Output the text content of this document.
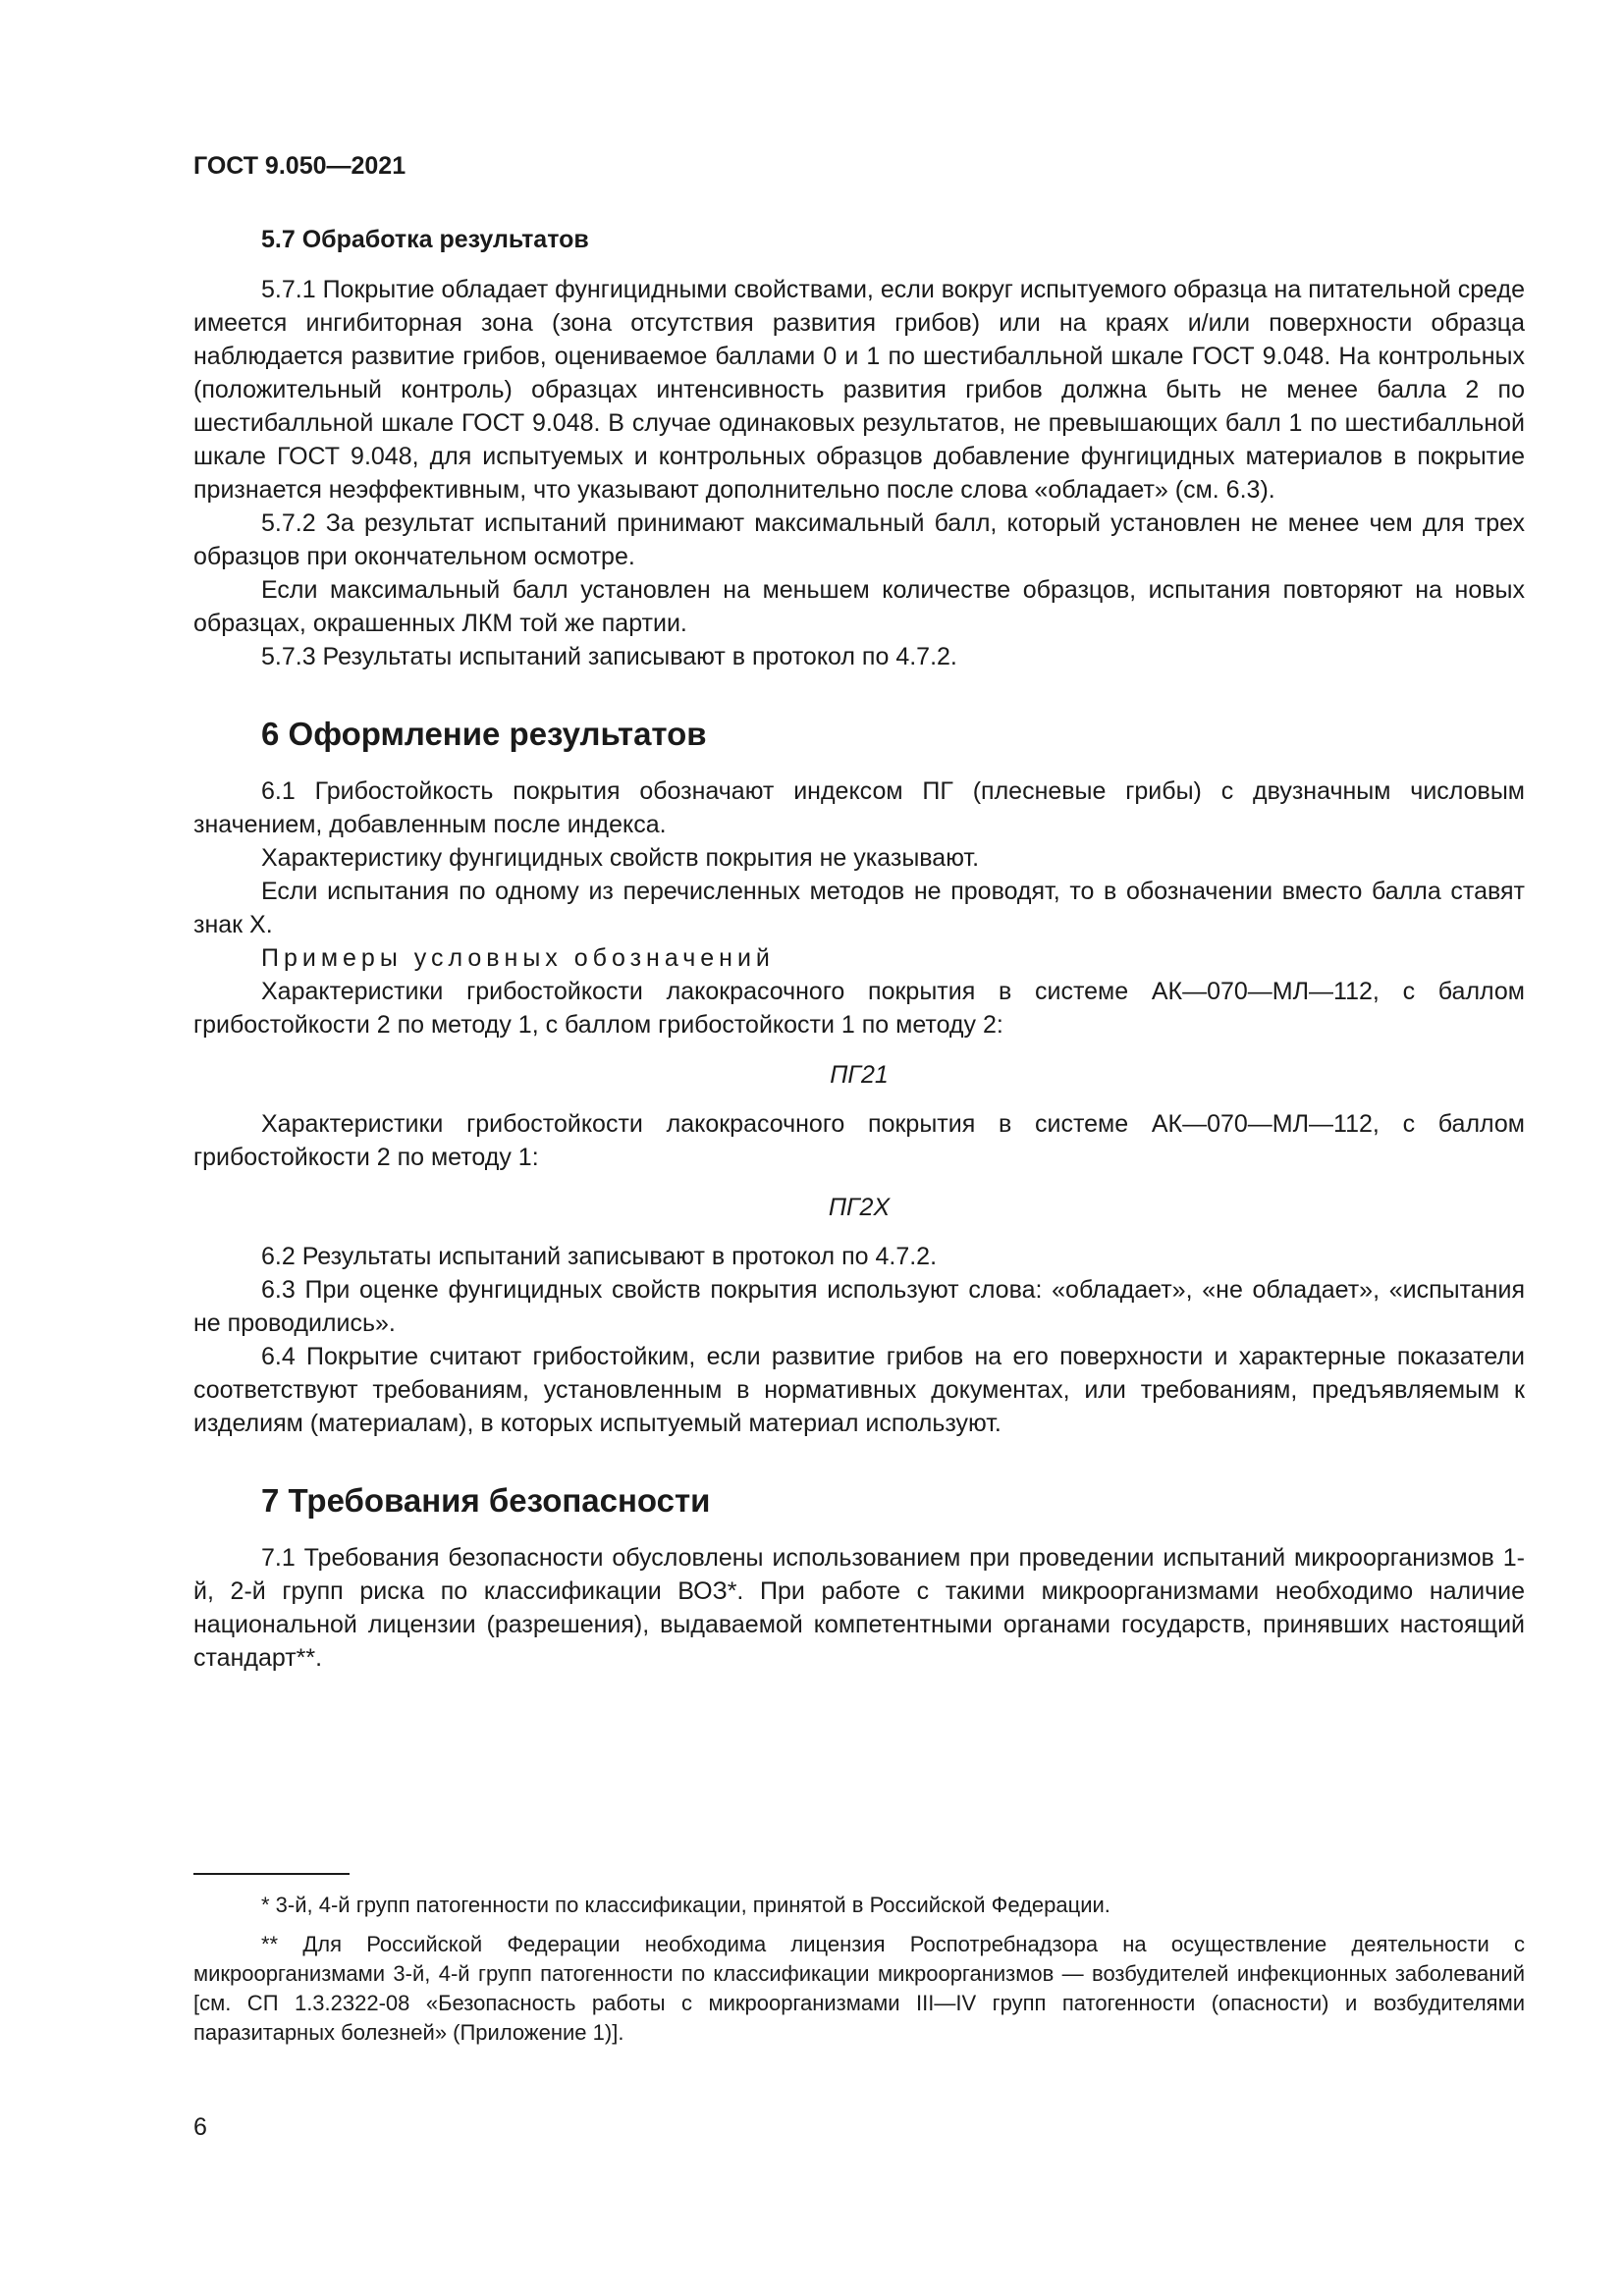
ГОСТ 9.050—2021

5.7 Обработка результатов

5.7.1 Покрытие обладает фунгицидными свойствами, если вокруг испытуемого образца на питательной среде имеется ингибиторная зона (зона отсутствия развития грибов) или на краях и/или поверхности образца наблюдается развитие грибов, оцениваемое баллами 0 и 1 по шестибалльной шкале ГОСТ 9.048. На контрольных (положительный контроль) образцах интенсивность развития грибов должна быть не менее балла 2 по шестибалльной шкале ГОСТ 9.048. В случае одинаковых результатов, не превышающих балл 1 по шестибалльной шкале ГОСТ 9.048, для испытуемых и контрольных образцов добавление фунгицидных материалов в покрытие признается неэффективным, что указывают дополнительно после слова «обладает» (см. 6.3).

5.7.2 За результат испытаний принимают максимальный балл, который установлен не менее чем для трех образцов при окончательном осмотре.

Если максимальный балл установлен на меньшем количестве образцов, испытания повторяют на новых образцах, окрашенных ЛКМ той же партии.

5.7.3 Результаты испытаний записывают в протокол по 4.7.2.

6 Оформление результатов

6.1 Грибостойкость покрытия обозначают индексом ПГ (плесневые грибы) с двузначным числовым значением, добавленным после индекса.

Характеристику фунгицидных свойств покрытия не указывают.

Если испытания по одному из перечисленных методов не проводят, то в обозначении вместо балла ставят знак X.

Примеры условных обозначений

Характеристики грибостойкости лакокрасочного покрытия в системе АК—070—МЛ—112, с баллом грибостойкости 2 по методу 1, с баллом грибостойкости 1 по методу 2:

ПГ21

Характеристики грибостойкости лакокрасочного покрытия в системе АК—070—МЛ—112, с баллом грибостойкости 2 по методу 1:

ПГ2X

6.2 Результаты испытаний записывают в протокол по 4.7.2.

6.3 При оценке фунгицидных свойств покрытия используют слова: «обладает», «не обладает», «испытания не проводились».

6.4 Покрытие считают грибостойким, если развитие грибов на его поверхности и характерные показатели соответствуют требованиям, установленным в нормативных документах, или требованиям, предъявляемым к изделиям (материалам), в которых испытуемый материал используют.

7 Требования безопасности

7.1 Требования безопасности обусловлены использованием при проведении испытаний микроорганизмов 1-й, 2-й групп риска по классификации ВОЗ*. При работе с такими микроорганизмами необходимо наличие национальной лицензии (разрешения), выдаваемой компетентными органами государств, принявших настоящий стандарт**.

* 3-й, 4-й групп патогенности по классификации, принятой в Российской Федерации.

** Для Российской Федерации необходима лицензия Роспотребнадзора на осуществление деятельности с микроорганизмами 3-й, 4-й групп патогенности по классификации микроорганизмов — возбудителей инфекционных заболеваний [см. СП 1.3.2322-08 «Безопасность работы с микроорганизмами III—IV групп патогенности (опасности) и возбудителями паразитарных болезней» (Приложение 1)].

6
